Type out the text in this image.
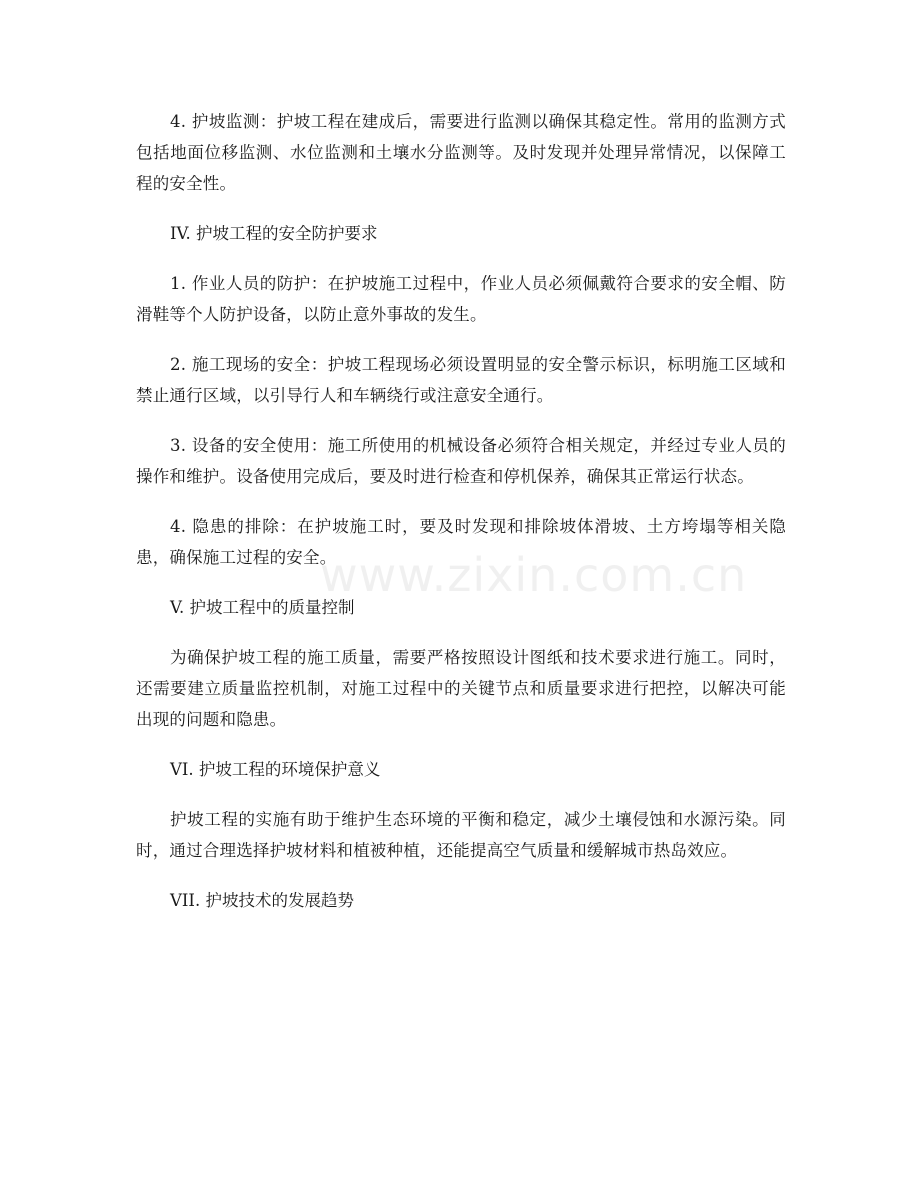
4. 护坡监测：护坡工程在建成后，需要进行监测以确保其稳定性。常用的监测方式包括地面位移监测、水位监测和土壤水分监测等。及时发现并处理异常情况，以保障工程的安全性。

IV. 护坡工程的安全防护要求

1. 作业人员的防护：在护坡施工过程中，作业人员必须佩戴符合要求的安全帽、防滑鞋等个人防护设备，以防止意外事故的发生。

2. 施工现场的安全：护坡工程现场必须设置明显的安全警示标识，标明施工区域和禁止通行区域，以引导行人和车辆绕行或注意安全通行。

3. 设备的安全使用：施工所使用的机械设备必须符合相关规定，并经过专业人员的操作和维护。设备使用完成后，要及时进行检查和停机保养，确保其正常运行状态。

4. 隐患的排除：在护坡施工时，要及时发现和排除坡体滑坡、土方垮塌等相关隐患，确保施工过程的安全。

V. 护坡工程中的质量控制

为确保护坡工程的施工质量，需要严格按照设计图纸和技术要求进行施工。同时，还需要建立质量监控机制，对施工过程中的关键节点和质量要求进行把控，以解决可能出现的问题和隐患。

VI. 护坡工程的环境保护意义

护坡工程的实施有助于维护生态环境的平衡和稳定，减少土壤侵蚀和水源污染。同时，通过合理选择护坡材料和植被种植，还能提高空气质量和缓解城市热岛效应。

VII. 护坡技术的发展趋势

www.zixin.com.cn
